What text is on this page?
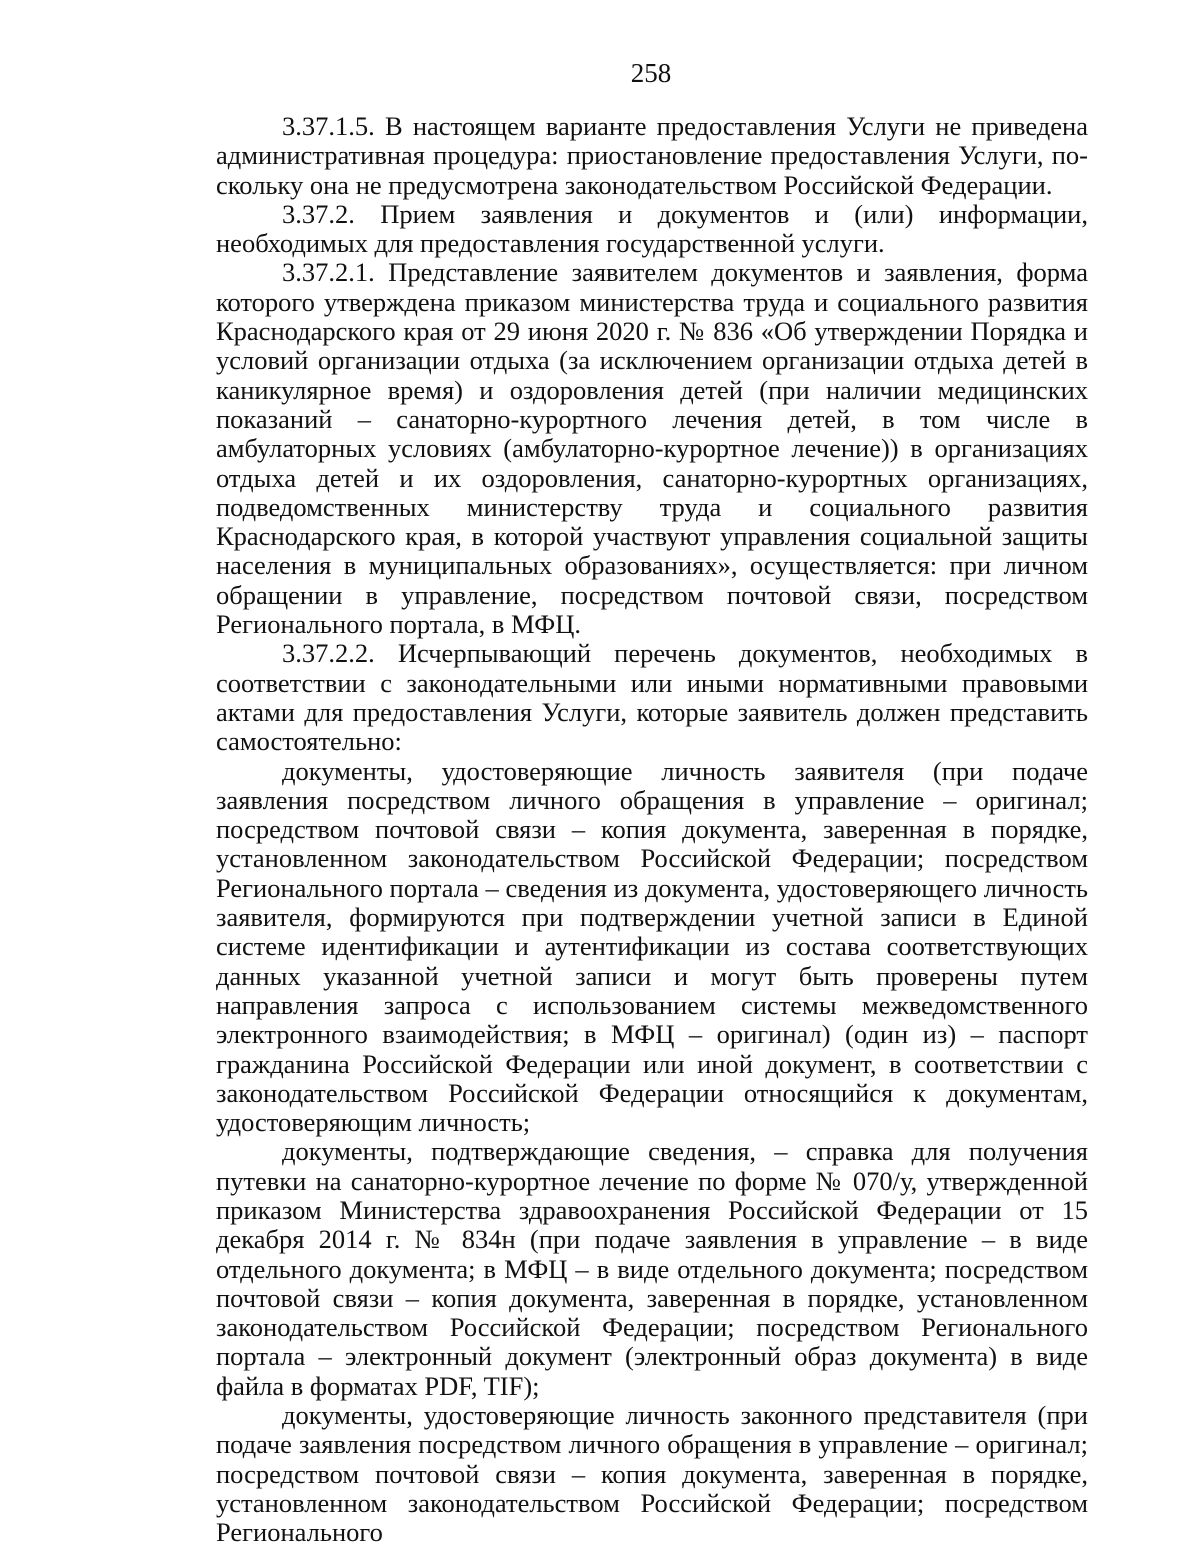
258

3.37.1.5. В настоящем варианте предоставления Услуги не приведена административная процедура: приостановление предоставления Услуги, поскольку она не предусмотрена законодательством Российской Федерации.

3.37.2. Прием заявления и документов и (или) информации, необходимых для предоставления государственной услуги.

3.37.2.1. Представление заявителем документов и заявления, форма которого утверждена приказом министерства труда и социального развития Краснодарского края от 29 июня 2020 г. № 836 «Об утверждении Порядка и условий организации отдыха (за исключением организации отдыха детей в каникулярное время) и оздоровления детей (при наличии медицинских показаний – санаторно-курортного лечения детей, в том числе в амбулаторных условиях (амбулаторно-курортное лечение)) в организациях отдыха детей и их оздоровления, санаторно-курортных организациях, подведомственных министерству труда и социального развития Краснодарского края, в которой участвуют управления социальной защиты населения в муниципальных образованиях», осуществляется: при личном обращении в управление, посредством почтовой связи, посредством Регионального портала, в МФЦ.

3.37.2.2. Исчерпывающий перечень документов, необходимых в соответствии с законодательными или иными нормативными правовыми актами для предоставления Услуги, которые заявитель должен представить самостоятельно:

документы, удостоверяющие личность заявителя (при подаче заявления посредством личного обращения в управление – оригинал; посредством почтовой связи – копия документа, заверенная в порядке, установленном законодательством Российской Федерации; посредством Регионального портала – сведения из документа, удостоверяющего личность заявителя, формируются при подтверждении учетной записи в Единой системе идентификации и аутентификации из состава соответствующих данных указанной учетной записи и могут быть проверены путем направления запроса с использованием системы межведомственного электронного взаимодействия; в МФЦ – оригинал) (один из) – паспорт гражданина Российской Федерации или иной документ, в соответствии с законодательством Российской Федерации относящийся к документам, удостоверяющим личность;

документы, подтверждающие сведения, – справка для получения путевки на санаторно-курортное лечение по форме № 070/у, утвержденной приказом Министерства здравоохранения Российской Федерации от 15 декабря 2014 г. № 834н (при подаче заявления в управление – в виде отдельного документа; в МФЦ – в виде отдельного документа; посредством почтовой связи – копия документа, заверенная в порядке, установленном законодательством Российской Федерации; посредством Регионального портала – электронный документ (электронный образ документа) в виде файла в форматах PDF, TIF);

документы, удостоверяющие личность законного представителя (при подаче заявления посредством личного обращения в управление – оригинал; посредством почтовой связи – копия документа, заверенная в порядке, установленном законодательством Российской Федерации; посредством Регионального
